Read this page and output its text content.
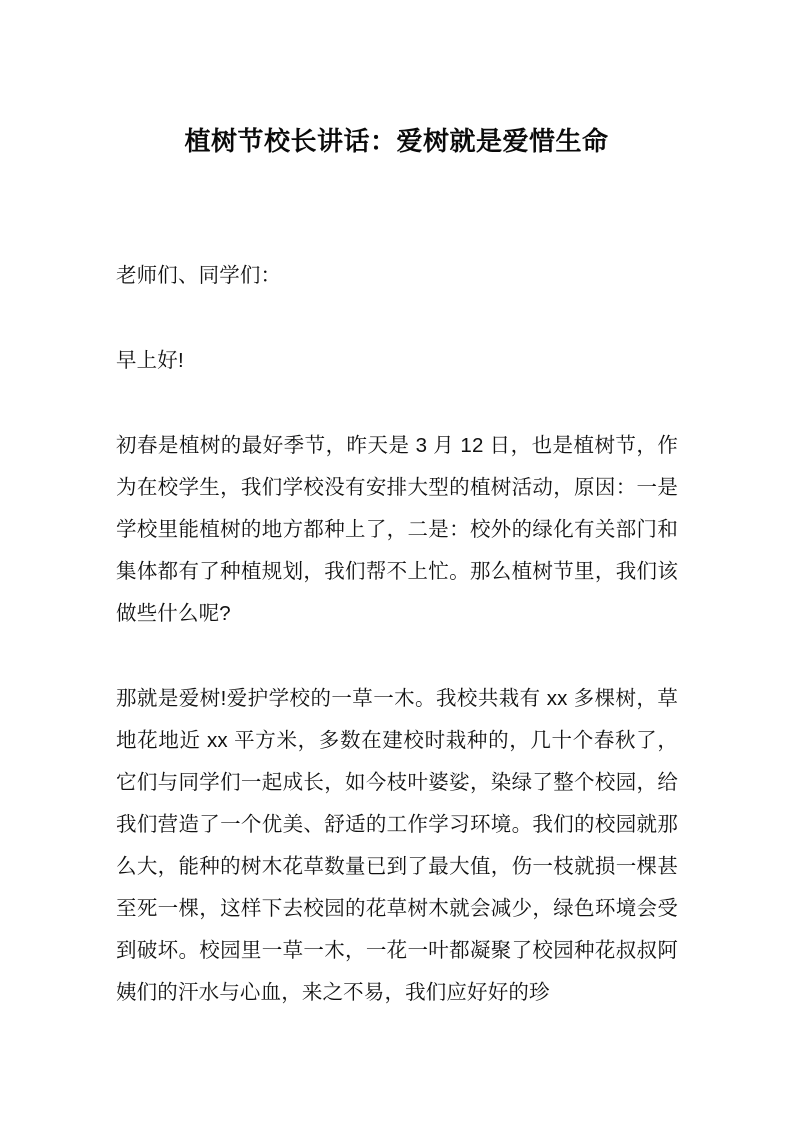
植树节校长讲话：爱树就是爱惜生命

老师们、同学们：

早上好!

初春是植树的最好季节，昨天是 3 月 12 日，也是植树节，作为在校学生，我们学校没有安排大型的植树活动，原因：一是学校里能植树的地方都种上了，二是：校外的绿化有关部门和集体都有了种植规划，我们帮不上忙。那么植树节里，我们该做些什么呢?

那就是爱树!爱护学校的一草一木。我校共栽有 xx 多棵树，草地花地近 xx 平方米，多数在建校时栽种的，几十个春秋了，它们与同学们一起成长，如今枝叶婆娑，染绿了整个校园，给我们营造了一个优美、舒适的工作学习环境。我们的校园就那么大，能种的树木花草数量已到了最大值，伤一枝就损一棵甚至死一棵，这样下去校园的花草树木就会减少，绿色环境会受到破坏。校园里一草一木，一花一叶都凝聚了校园种花叔叔阿姨们的汗水与心血，来之不易，我们应好好的珍
